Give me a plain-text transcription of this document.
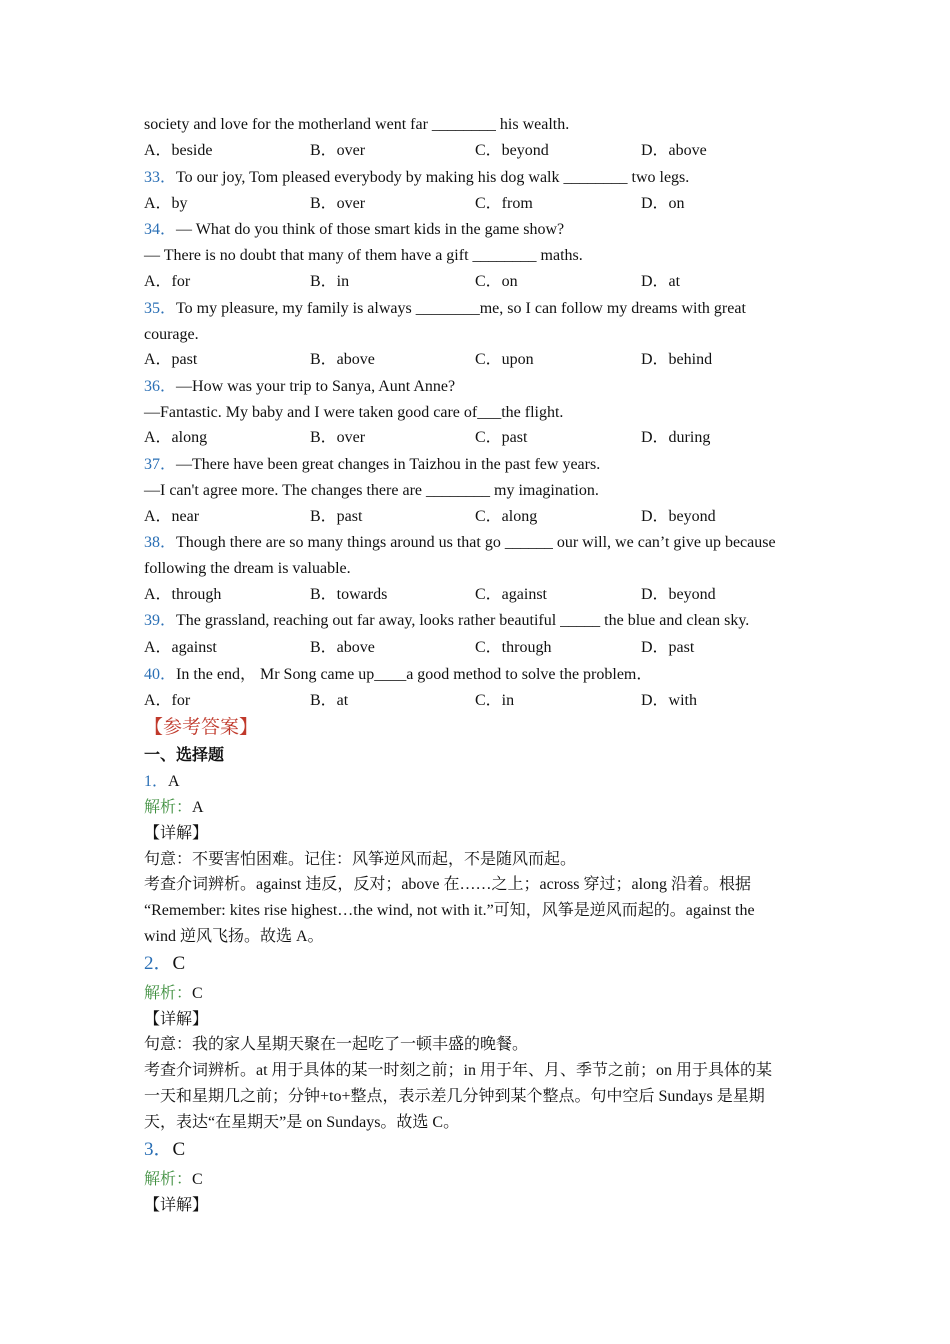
society and love for the motherland went far ________ his wealth.
A．beside	B．over	C．beyond	D．above
33．To our joy, Tom pleased everybody by making his dog walk ________ two legs.
A．by	B．over	C．from	D．on
34．— What do you think of those smart kids in the game show?
— There is no doubt that many of them have a gift ________ maths.
A．for	B．in	C．on	D．at
35．To my pleasure, my family is always ________me, so I can follow my dreams with great
courage.
A．past	B．above	C．upon	D．behind
36．—How was your trip to Sanya, Aunt Anne?
—Fantastic. My baby and I were taken good care of___the flight.
A．along	B．over	C．past	D．during
37．—There have been great changes in Taizhou in the past few years.
—I can't agree more. The changes there are ________ my imagination.
A．near	B．past	C．along	D．beyond
38．Though there are so many things around us that go ______ our will, we can’t give up because
following the dream is valuable.
A．through	B．towards	C．against	D．beyond
39．The grassland, reaching out far away, looks rather beautiful _____ the blue and clean sky.
A．against	B．above	C．through	D．past
40．In the end， Mr Song came up____a good method to solve the problem．
A．for	B．at	C．in	D．with
【参考答案】
一、选择题
1．A
解析：A
【详解】
句意：不要害怕困难。记住：风筝逆风而起，不是随风而起。
考查介词辨析。against 违反，反对；above 在……之上；across 穿过；along 沿着。根据
“Remember: kites rise highest…the wind, not with it.”可知，风筝是逆风而起的。against the
wind 逆风飞扬。故选 A。
2．C
解析：C
【详解】
句意：我的家人星期天聚在一起吃了一顿丰盛的晚餐。
考查介词辨析。at 用于具体的某一时刻之前；in 用于年、月、季节之前；on 用于具体的某
一天和星期几之前；分钟+to+整点，表示差几分钟到某个整点。句中空后 Sundays 是星期
天，表达“在星期天”是 on Sundays。故选 C。
3．C
解析：C
【详解】
